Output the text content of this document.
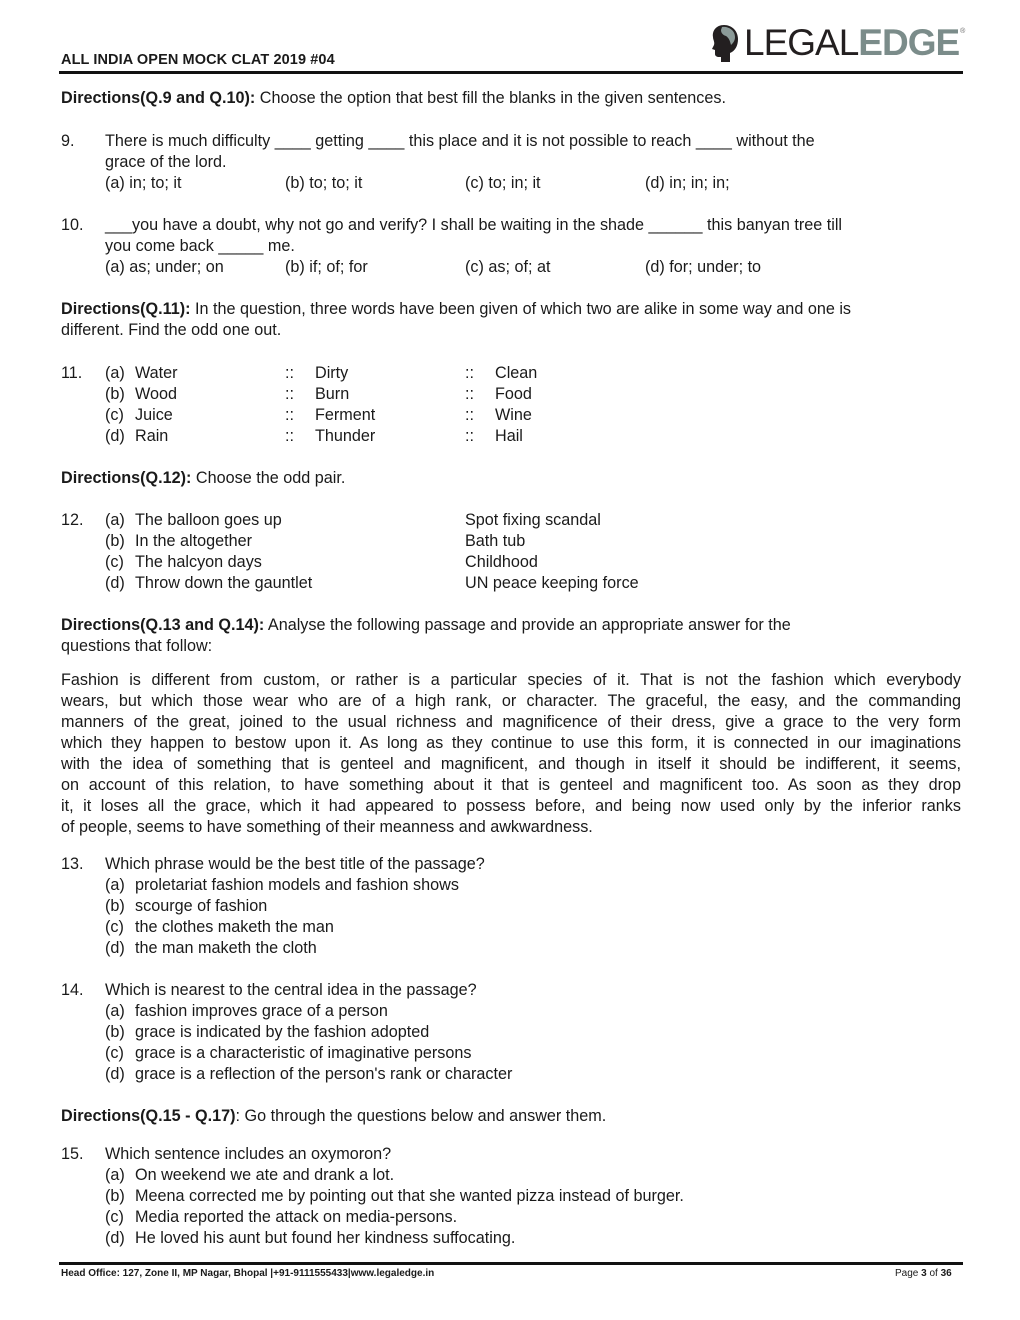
ALL INDIA OPEN MOCK CLAT 2019 #04	LEGALEDGE ®
Directions(Q.9 and Q.10): Choose the option that best fill the blanks in the given sentences.
9. There is much difficulty ____ getting ____ this place and it is not possible to reach ____ without the
grace of the lord.
(a) in; to; it	(b) to; to; it	(c) to; in; it	(d) in; in; in;
10. ___you have a doubt, why not go and verify? I shall be waiting in the shade ______ this banyan tree till
you come back _____ me.
(a) as; under; on	(b) if; of; for	(c) as; of; at	(d) for; under; to
Directions(Q.11): In the question, three words have been given of which two are alike in some way and one is
different. Find the odd one out.
11. (a) Water	:: Dirty	:: Clean
(b) Wood	:: Burn	:: Food
(c) Juice	:: Ferment	:: Wine
(d) Rain	:: Thunder	:: Hail
Directions(Q.12): Choose the odd pair.
12. (a) The balloon goes up	Spot fixing scandal
(b) In the altogether	Bath tub
(c) The halcyon days	Childhood
(d) Throw down the gauntlet	UN peace keeping force
Directions(Q.13 and Q.14): Analyse the following passage and provide an appropriate answer for the
questions that follow:
Fashion is different from custom, or rather is a particular species of it. That is not the fashion which everybody
wears, but which those wear who are of a high rank, or character. The graceful, the easy, and the commanding
manners of the great, joined to the usual richness and magnificence of their dress, give a grace to the very form
which they happen to bestow upon it. As long as they continue to use this form, it is connected in our imaginations
with the idea of something that is genteel and magnificent, and though in itself it should be indifferent, it seems,
on account of this relation, to have something about it that is genteel and magnificent too. As soon as they drop
it, it loses all the grace, which it had appeared to possess before, and being now used only by the inferior ranks
of people, seems to have something of their meanness and awkwardness.
13. Which phrase would be the best title of the passage?
(a) proletariat fashion models and fashion shows
(b) scourge of fashion
(c) the clothes maketh the man
(d) the man maketh the cloth
14. Which is nearest to the central idea in the passage?
(a) fashion improves grace of a person
(b) grace is indicated by the fashion adopted
(c) grace is a characteristic of imaginative persons
(d) grace is a reflection of the person's rank or character
Directions(Q.15 - Q.17): Go through the questions below and answer them.
15. Which sentence includes an oxymoron?
(a) On weekend we ate and drank a lot.
(b) Meena corrected me by pointing out that she wanted pizza instead of burger.
(c) Media reported the attack on media-persons.
(d) He loved his aunt but found her kindness suffocating.
Head Office: 127, Zone II, MP Nagar, Bhopal |+91-9111555433|www.legaledge.in	Page 3 of 36
